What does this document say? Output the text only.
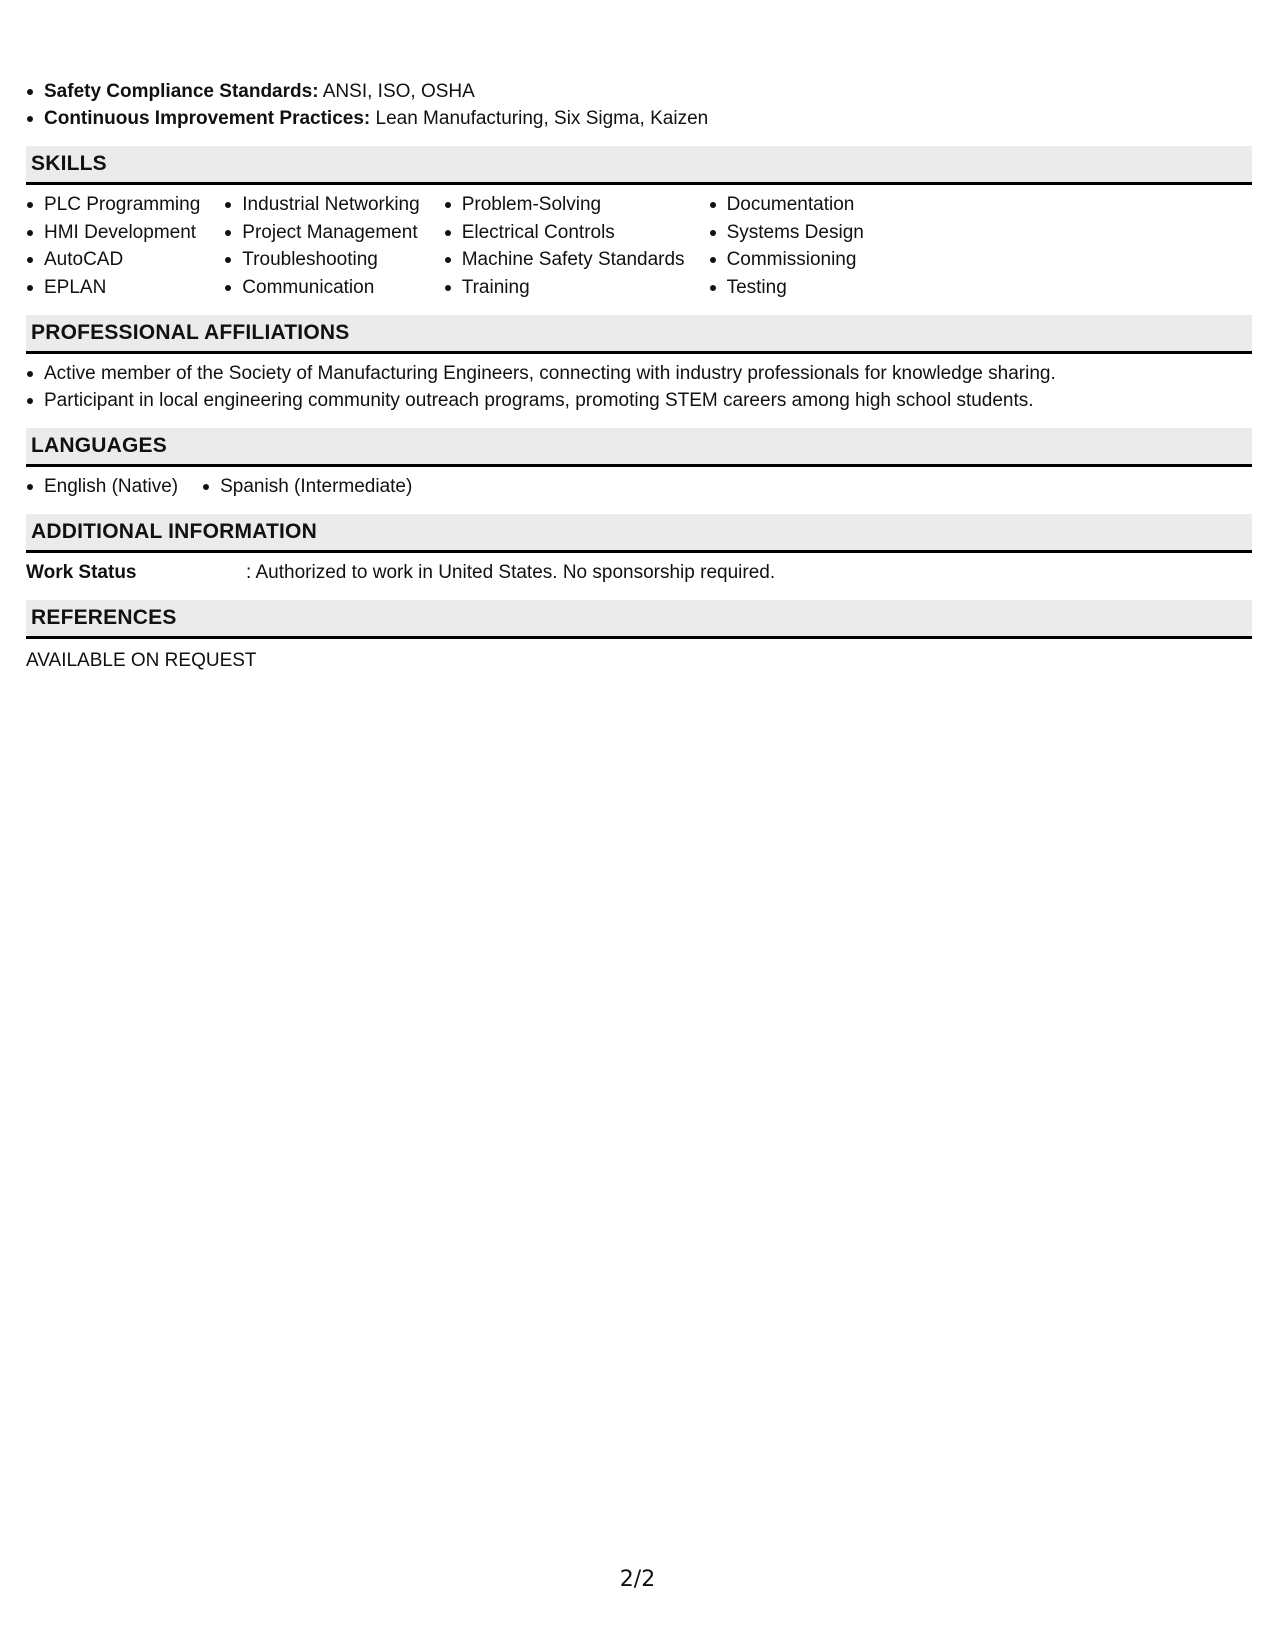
Safety Compliance Standards: ANSI, ISO, OSHA
Continuous Improvement Practices: Lean Manufacturing, Six Sigma, Kaizen
SKILLS
PLC Programming
HMI Development
AutoCAD
EPLAN
Industrial Networking
Project Management
Troubleshooting
Communication
Problem-Solving
Electrical Controls
Machine Safety Standards
Training
Documentation
Systems Design
Commissioning
Testing
PROFESSIONAL AFFILIATIONS
Active member of the Society of Manufacturing Engineers, connecting with industry professionals for knowledge sharing.
Participant in local engineering community outreach programs, promoting STEM careers among high school students.
LANGUAGES
English (Native)	Spanish (Intermediate)
ADDITIONAL INFORMATION
Work Status	: Authorized to work in United States. No sponsorship required.
REFERENCES
AVAILABLE ON REQUEST
2/2
